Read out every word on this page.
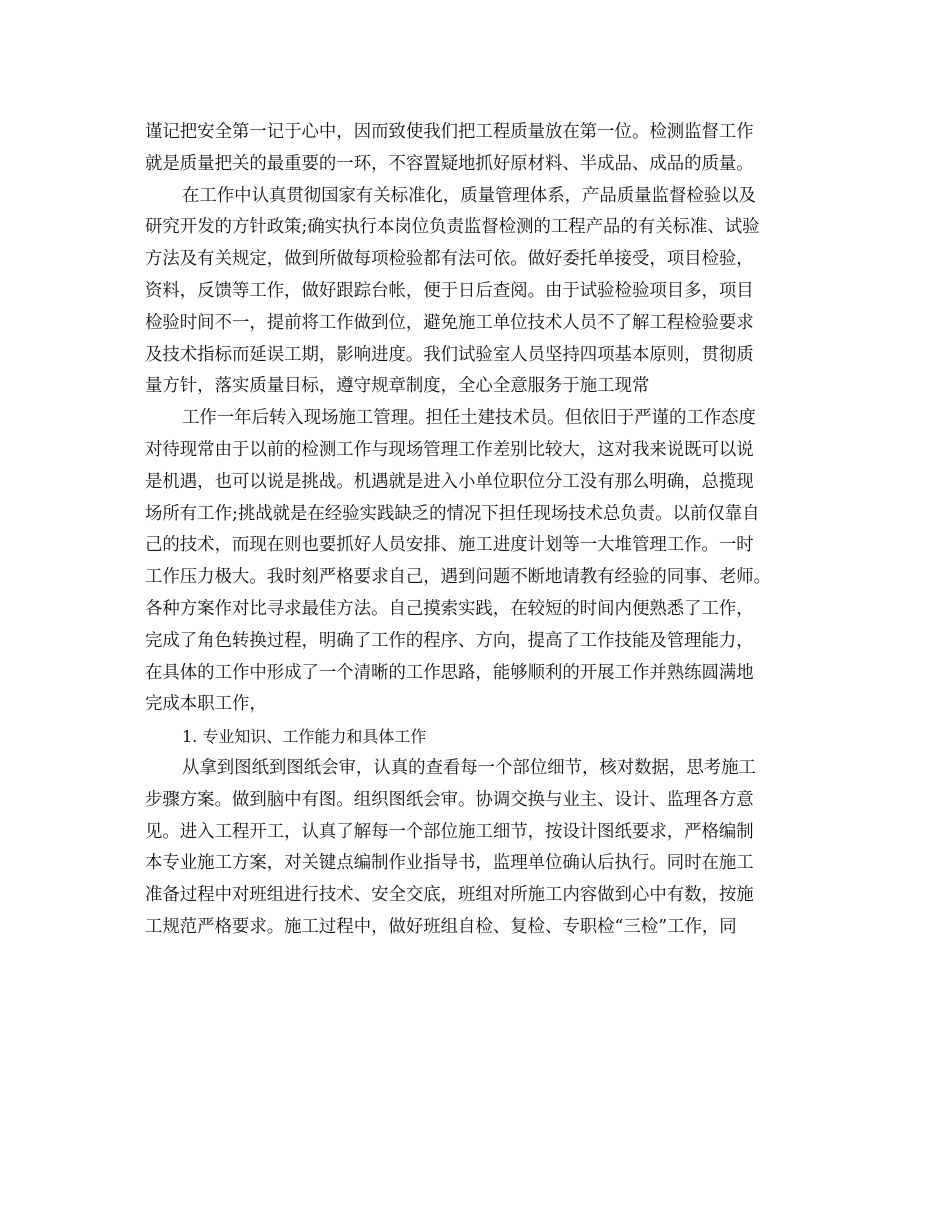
谨记把安全第一记于心中，因而致使我们把工程质量放在第一位。检测监督工作
就是质量把关的最重要的一环，不容置疑地抓好原材料、半成品、成品的质量。
在工作中认真贯彻国家有关标准化，质量管理体系，产品质量监督检验以及
研究开发的方针政策;确实执行本岗位负责监督检测的工程产品的有关标准、试验
方法及有关规定，做到所做每项检验都有法可依。做好委托单接受，项目检验，
资料，反馈等工作，做好跟踪台帐，便于日后查阅。由于试验检验项目多，项目
检验时间不一，提前将工作做到位，避免施工单位技术人员不了解工程检验要求
及技术指标而延误工期，影响进度。我们试验室人员坚持四项基本原则，贯彻质
量方针，落实质量目标，遵守规章制度，全心全意服务于施工现常
工作一年后转入现场施工管理。担任土建技术员。但依旧于严谨的工作态度
对待现常由于以前的检测工作与现场管理工作差别比较大，这对我来说既可以说
是机遇，也可以说是挑战。机遇就是进入小单位职位分工没有那么明确，总揽现
场所有工作;挑战就是在经验实践缺乏的情况下担任现场技术总负责。以前仅靠自
己的技术，而现在则也要抓好人员安排、施工进度计划等一大堆管理工作。一时
工作压力极大。我时刻严格要求自己，遇到问题不断地请教有经验的同事、老师。
各种方案作对比寻求最佳方法。自己摸索实践，在较短的时间内便熟悉了工作，
完成了角色转换过程，明确了工作的程序、方向，提高了工作技能及管理能力，
在具体的工作中形成了一个清晰的工作思路，能够顺利的开展工作并熟练圆满地
完成本职工作，
1. 专业知识、工作能力和具体工作
从拿到图纸到图纸会审，认真的查看每一个部位细节，核对数据，思考施工
步骤方案。做到脑中有图。组织图纸会审。协调交换与业主、设计、监理各方意
见。进入工程开工，认真了解每一个部位施工细节，按设计图纸要求，严格编制
本专业施工方案，对关键点编制作业指导书，监理单位确认后执行。同时在施工
准备过程中对班组进行技术、安全交底，班组对所施工内容做到心中有数，按施
工规范严格要求。施工过程中，做好班组自检、复检、专职检“三检”工作，同
